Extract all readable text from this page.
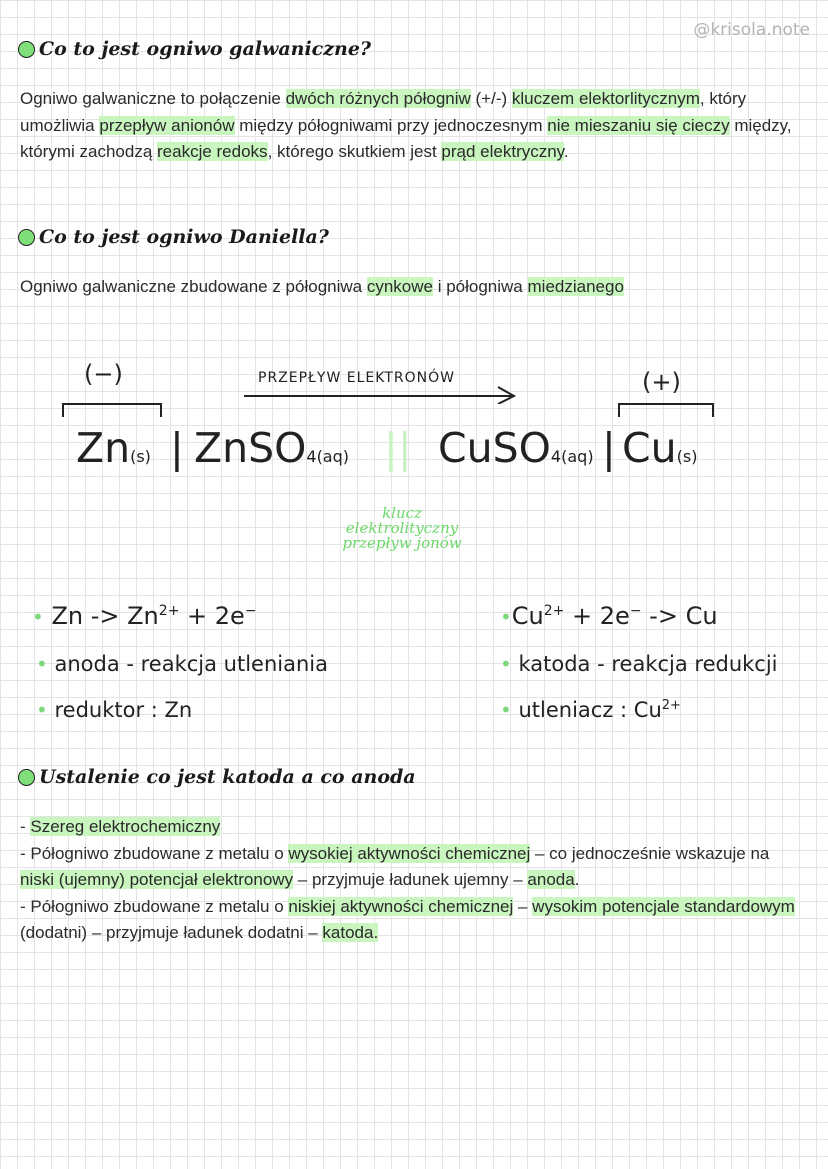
@krisola.note
Co to jest ogniwo galwaniczne?
Ogniwo galwaniczne to połączenie dwóch różnych półogniw (+/-) kluczem elektorlitycznym, który umożliwia przepływ anionów między półogniwami przy jednoczesnym nie mieszaniu się cieczy między, którymi zachodzą reakcje redoks, którego skutkiem jest prąd elektryczny.
Co to jest ogniwo Daniella?
Ogniwo galwaniczne zbudowane z półogniwa cynkowe i półogniwa miedzianego
(−)	PRZEPŁYW ELEKTRONÓW	(+)
Zn(s) | ZnSO4(aq) || CuSO4(aq) | Cu(s)
klucz
elektrolityczny
przepływ jonów
• $Zn -> Zn^{2+} + 2e^-$
• anoda - reakcja utleniania
• reduktor : Zn
$•Cu^{2+} + 2e^- -> Cu$
• katoda - reakcja redukcji
• utleniacz : $Cu^{2+}$
Ustalenie co jest katoda a co anoda
- Szereg elektrochemiczny
- Półogniwo zbudowane z metalu o wysokiej aktywności chemicznej – co jednocześnie wskazuje na niski (ujemny) potencjał elektronowy – przyjmuje ładunek ujemny – anoda.
- Półogniwo zbudowane z metalu o niskiej aktywności chemicznej – wysokim potencjale standardowym (dodatni) – przyjmuje ładunek dodatni – katoda.
